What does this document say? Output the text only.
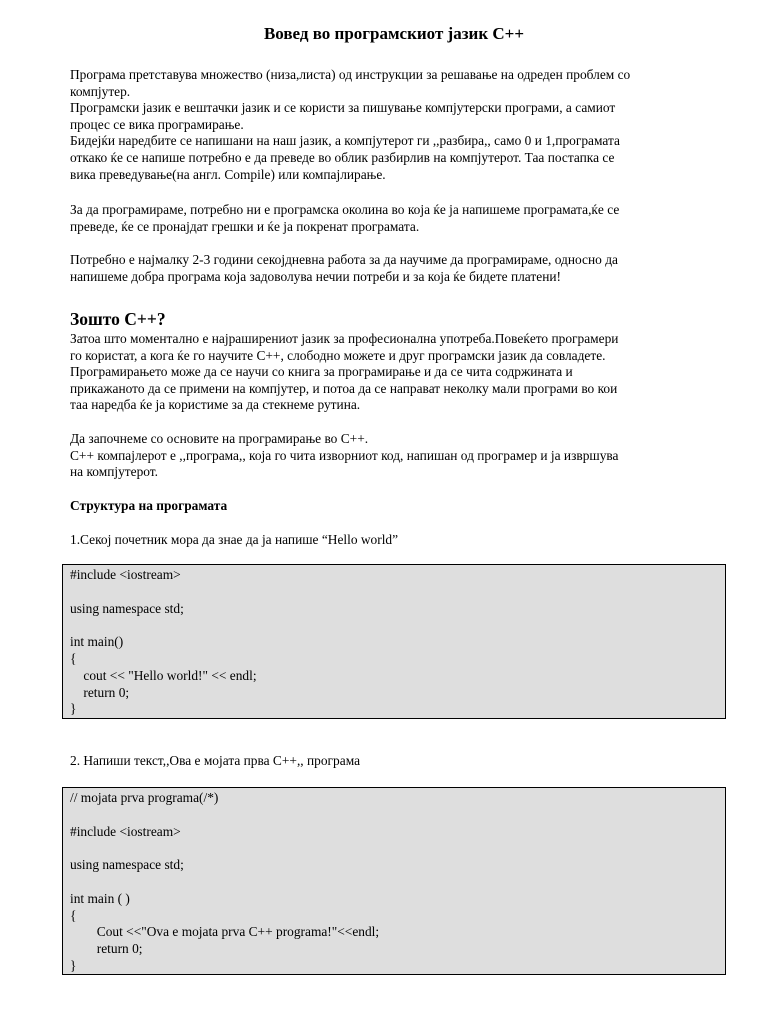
Вовед во програмскиот јазик C++
Програма претставува множество (низа,листа) од инструкции за решавање на одреден проблем со
компјутер.
Програмски јазик е вештачки јазик и се користи за пишување компјутерски програми, а самиот
процес се вика програмирање.
Бидејќи наредбите се напишани на наш јазик, а компјутерот ги ,,разбира,, само 0 и 1,програмата
откако ќе се напише потребно е да преведе во облик разбирлив на компјутерот. Таа постапка се
вика преведување(на англ. Compile) или компајлирање.
За да програмираме, потребно ни е програмска околина во која ќе ја напишеме програмата,ќе се
преведе, ќе се пронајдат грешки и ќе ја покренат програмата.
Потребно е најмалку 2-3 години секојдневна работа за да научиме да програмираме, односно да
напишеме добра програма која задоволува нечии потреби и за која ќе бидете платени!
Зошто C++?
Затоа што моментално е најраширениот јазик за професионална употреба.Повеќето програмери
го користат, а кога ќе го научите C++, слободно можете и друг програмски јазик да совладете.
Програмирањето може да се научи со книга за програмирање и да се чита содржината и
прикажаното да се примени на компјутер, и потоа да се направат неколку мали програми во кои
таа наредба ќе ја користиме за да стекнеме рутина.
Да започнеме со основите на програмирање во C++.
C++ компајлерот е ,,програма,, која го чита изворниот код, напишан од програмер и ја извршува
на компјутерот.
Структура на програмата
1.Секој почетник мора да знае да ја напише “Hello world”
#include <iostream>
using namespace std;
int main()
{
cout << "Hello world!" << endl;
return 0;
}
2. Напиши текст,,Ова е мојата прва C++,, програма
// mojata prva programa(/*)
#include <iostream>
using namespace std;
int main ( )
{
Cout <<"Ova e mojata prva C++ programa!"<<endl;
return 0;
}
